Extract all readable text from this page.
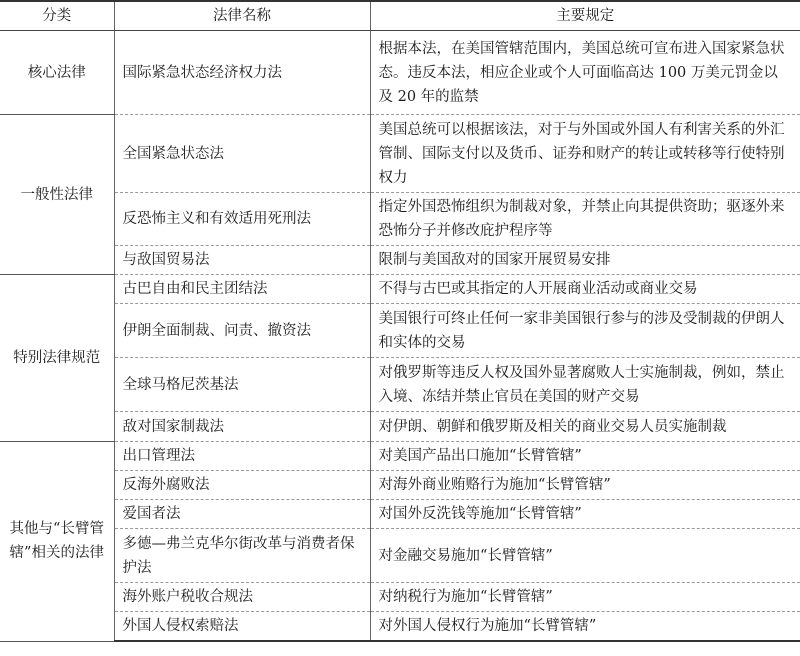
分类	法律名称	主要规定
核心法律	国际紧急状态经济权力法	根据本法，在美国管辖范围内，美国总统可宣布进入国家紧急状态。违反本法，相应企业或个人可面临高达 100 万美元罚金以及 20 年的监禁
一般性法律	全国紧急状态法	美国总统可以根据该法，对于与外国或外国人有利害关系的外汇管制、国际支付以及货币、证券和财产的转让或转移等行使特别权力
	反恐怖主义和有效适用死刑法	指定外国恐怖组织为制裁对象，并禁止向其提供资助；驱逐外来恐怖分子并修改庇护程序等
	与敌国贸易法	限制与美国敌对的国家开展贸易安排
特别法律规范	古巴自由和民主团结法	不得与古巴或其指定的人开展商业活动或商业交易
	伊朗全面制裁、问责、撤资法	美国银行可终止任何一家非美国银行参与的涉及受制裁的伊朗人和实体的交易
	全球马格尼茨基法	对俄罗斯等违反人权及国外显著腐败人士实施制裁，例如，禁止入境、冻结并禁止官员在美国的财产交易
	敌对国家制裁法	对伊朗、朝鲜和俄罗斯及相关的商业交易人员实施制裁
其他与“长臂管辖”相关的法律	出口管理法	对美国产品出口施加“长臂管辖”
	反海外腐败法	对海外商业贿赂行为施加“长臂管辖”
	爱国者法	对国外反洗钱等施加“长臂管辖”
	多德—弗兰克华尔街改革与消费者保护法	对金融交易施加“长臂管辖”
	海外账户税收合规法	对纳税行为施加“长臂管辖”
	外国人侵权索赔法	对外国人侵权行为施加“长臂管辖”
